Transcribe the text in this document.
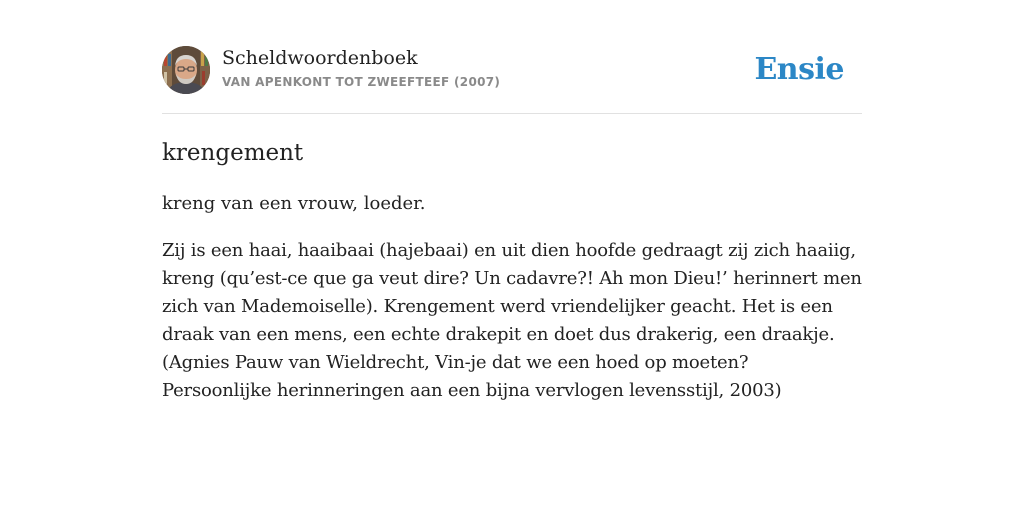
Scheldwoordenboek
VAN APENKONT TOT ZWEEFTEEF (2007)	Ensie
krengement

kreng van een vrouw, loeder.

Zij is een haai, haaibaai (hajebaai) en uit dien hoofde gedraagt zij zich haaiig, kreng (qu’est-ce que ga veut dire? Un cadavre?! Ah mon Dieu!’ herinnert men zich van Mademoiselle). Krengement werd vriendelijker geacht. Het is een draak van een mens, een echte drakepit en doet dus drakerig, een draakje. (Agnies Pauw van Wieldrecht, Vin-je dat we een hoed op moeten? Persoonlijke herinneringen aan een bijna vervlogen levensstijl, 2003)
